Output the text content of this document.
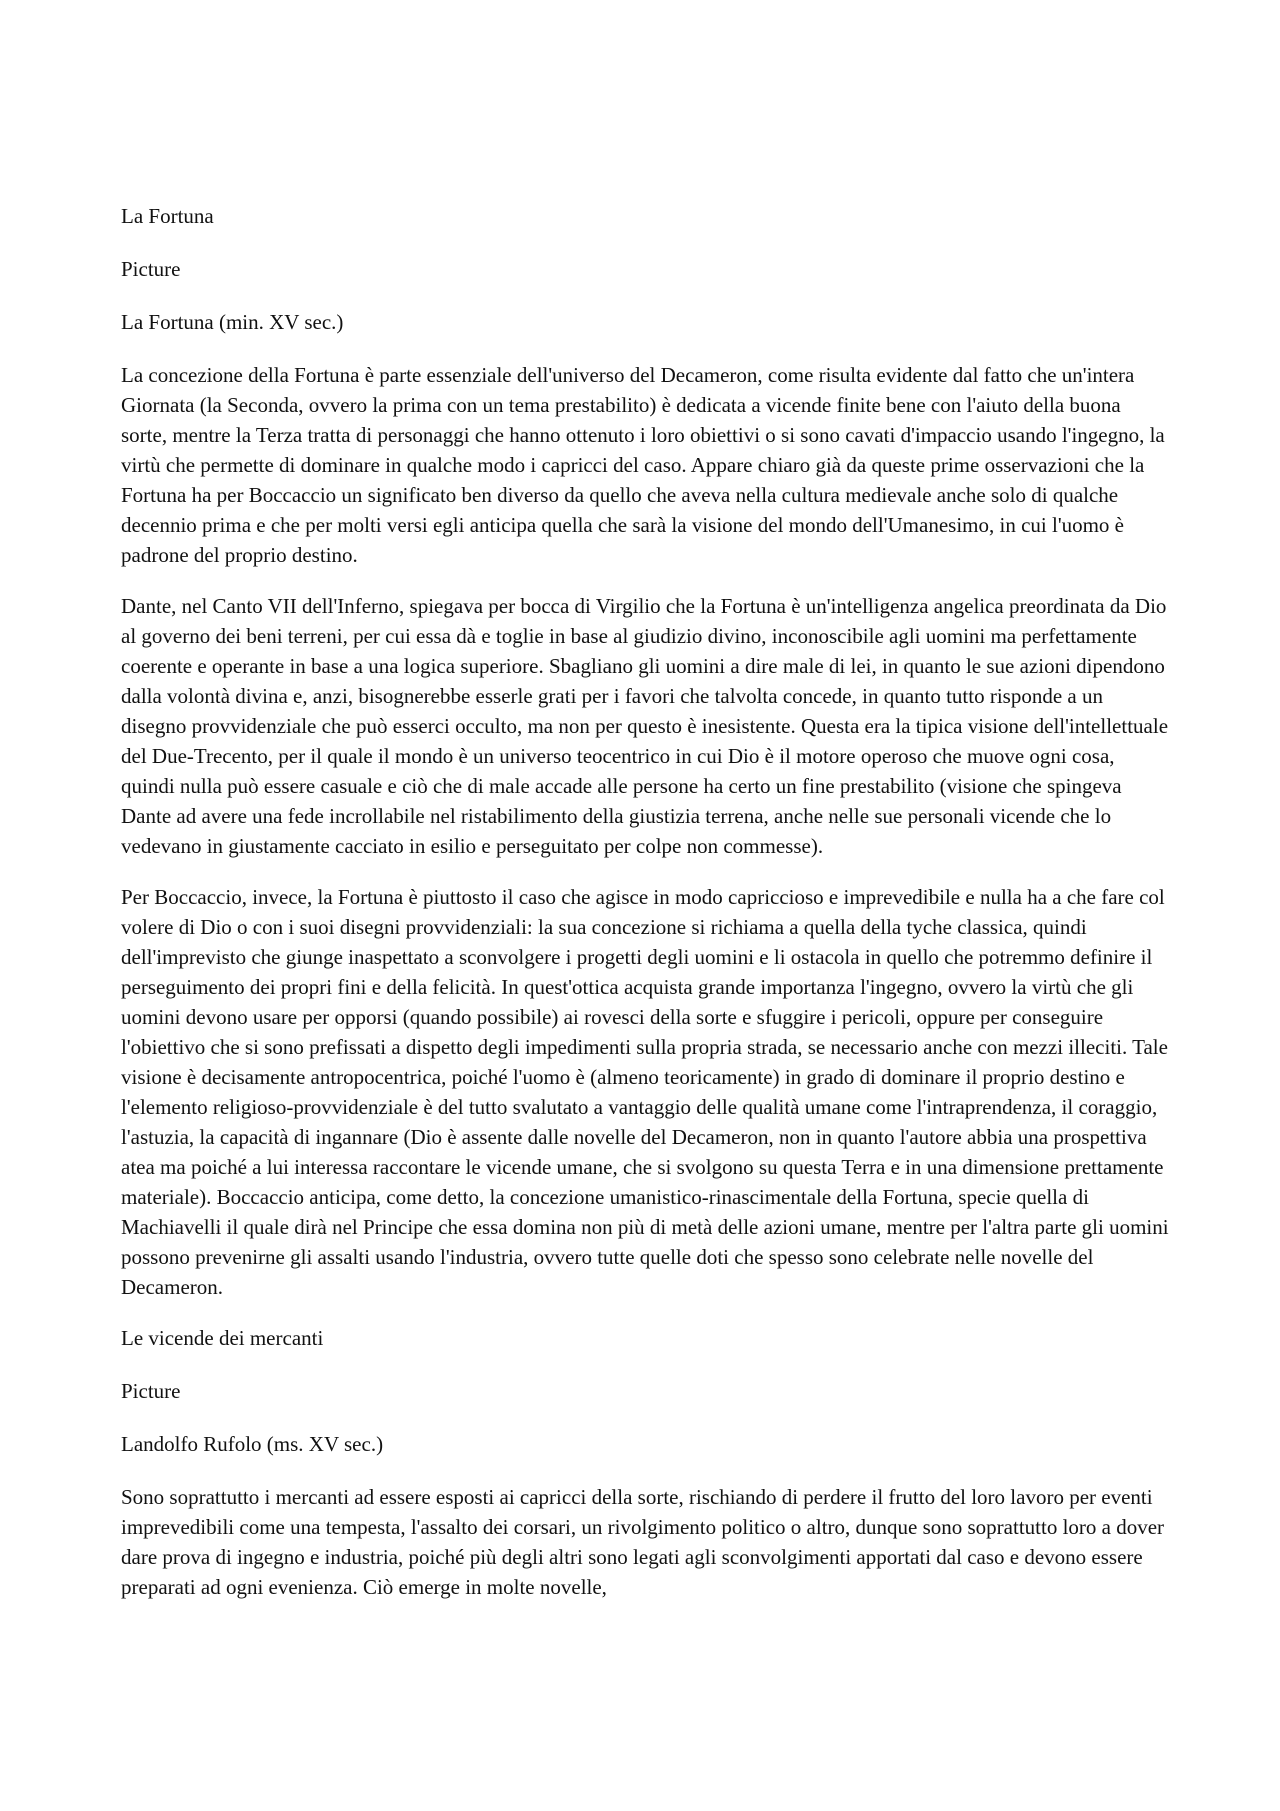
La Fortuna
Picture
La Fortuna (min. XV sec.)

La concezione della Fortuna è parte essenziale dell'universo del Decameron, come risulta evidente dal fatto che un'intera Giornata (la Seconda, ovvero la prima con un tema prestabilito) è dedicata a vicende finite bene con l'aiuto della buona sorte, mentre la Terza tratta di personaggi che hanno ottenuto i loro obiettivi o si sono cavati d'impaccio usando l'ingegno, la virtù che permette di dominare in qualche modo i capricci del caso. Appare chiaro già da queste prime osservazioni che la Fortuna ha per Boccaccio un significato ben diverso da quello che aveva nella cultura medievale anche solo di qualche decennio prima e che per molti versi egli anticipa quella che sarà la visione del mondo dell'Umanesimo, in cui l'uomo è padrone del proprio destino.

Dante, nel Canto VII dell'Inferno, spiegava per bocca di Virgilio che la Fortuna è un'intelligenza angelica preordinata da Dio al governo dei beni terreni, per cui essa dà e toglie in base al giudizio divino, inconoscibile agli uomini ma perfettamente coerente e operante in base a una logica superiore. Sbagliano gli uomini a dire male di lei, in quanto le sue azioni dipendono dalla volontà divina e, anzi, bisognerebbe esserle grati per i favori che talvolta concede, in quanto tutto risponde a un disegno provvidenziale che può esserci occulto, ma non per questo è inesistente. Questa era la tipica visione dell'intellettuale del Due-Trecento, per il quale il mondo è un universo teocentrico in cui Dio è il motore operoso che muove ogni cosa, quindi nulla può essere casuale e ciò che di male accade alle persone ha certo un fine prestabilito (visione che spingeva Dante ad avere una fede incrollabile nel ristabilimento della giustizia terrena, anche nelle sue personali vicende che lo vedevano in giustamente cacciato in esilio e perseguitato per colpe non commesse).

Per Boccaccio, invece, la Fortuna è piuttosto il caso che agisce in modo capriccioso e imprevedibile e nulla ha a che fare col volere di Dio o con i suoi disegni provvidenziali: la sua concezione si richiama a quella della tyche classica, quindi dell'imprevisto che giunge inaspettato a sconvolgere i progetti degli uomini e li ostacola in quello che potremmo definire il perseguimento dei propri fini e della felicità. In quest'ottica acquista grande importanza l'ingegno, ovvero la virtù che gli uomini devono usare per opporsi (quando possibile) ai rovesci della sorte e sfuggire i pericoli, oppure per conseguire l'obiettivo che si sono prefissati a dispetto degli impedimenti sulla propria strada, se necessario anche con mezzi illeciti. Tale visione è decisamente antropocentrica, poiché l'uomo è (almeno teoricamente) in grado di dominare il proprio destino e l'elemento religioso-provvidenziale è del tutto svalutato a vantaggio delle qualità umane come l'intraprendenza, il coraggio, l'astuzia, la capacità di ingannare (Dio è assente dalle novelle del Decameron, non in quanto l'autore abbia una prospettiva atea ma poiché a lui interessa raccontare le vicende umane, che si svolgono su questa Terra e in una dimensione prettamente materiale). Boccaccio anticipa, come detto, la concezione umanistico-rinascimentale della Fortuna, specie quella di Machiavelli il quale dirà nel Principe che essa domina non più di metà delle azioni umane, mentre per l'altra parte gli uomini possono prevenirne gli assalti usando l'industria, ovvero tutte quelle doti che spesso sono celebrate nelle novelle del Decameron.

Le vicende dei mercanti
Picture
Landolfo Rufolo (ms. XV sec.)

Sono soprattutto i mercanti ad essere esposti ai capricci della sorte, rischiando di perdere il frutto del loro lavoro per eventi imprevedibili come una tempesta, l'assalto dei corsari, un rivolgimento politico o altro, dunque sono soprattutto loro a dover dare prova di ingegno e industria, poiché più degli altri sono legati agli sconvolgimenti apportati dal caso e devono essere preparati ad ogni evenienza. Ciò emerge in molte novelle,
